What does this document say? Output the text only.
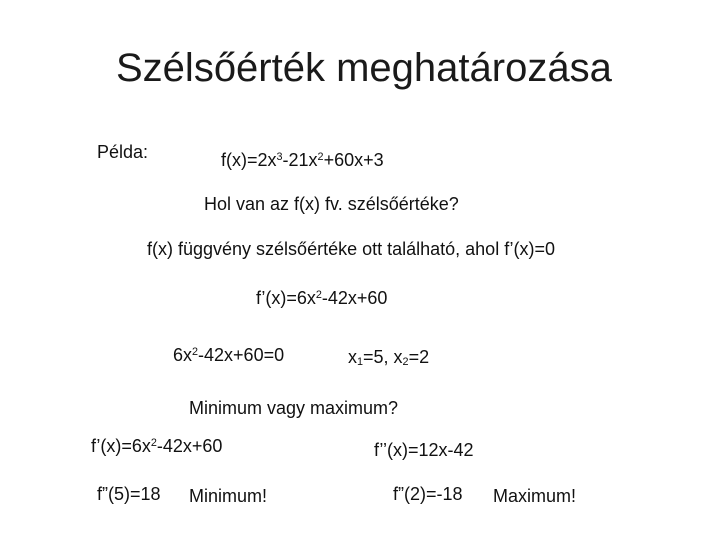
Szélsőérték meghatározása
Példa:	$f(x)=2x^3-21x^2+60x+3$
Hol van az f(x) fv. szélsőértéke?
f(x) függvény szélsőértéke ott található, ahol f’(x)=0
$f’(x)=6x^2-42x+60$
$6x^2-42x+60=0$	$x_1=5$, $x_2=2$
Minimum vagy maximum?
$f’(x)=6x^2-42x+60$	f’’(x)=12x-42
f”(5)=18 Minimum!	f”(2)=-18 Maximum!
